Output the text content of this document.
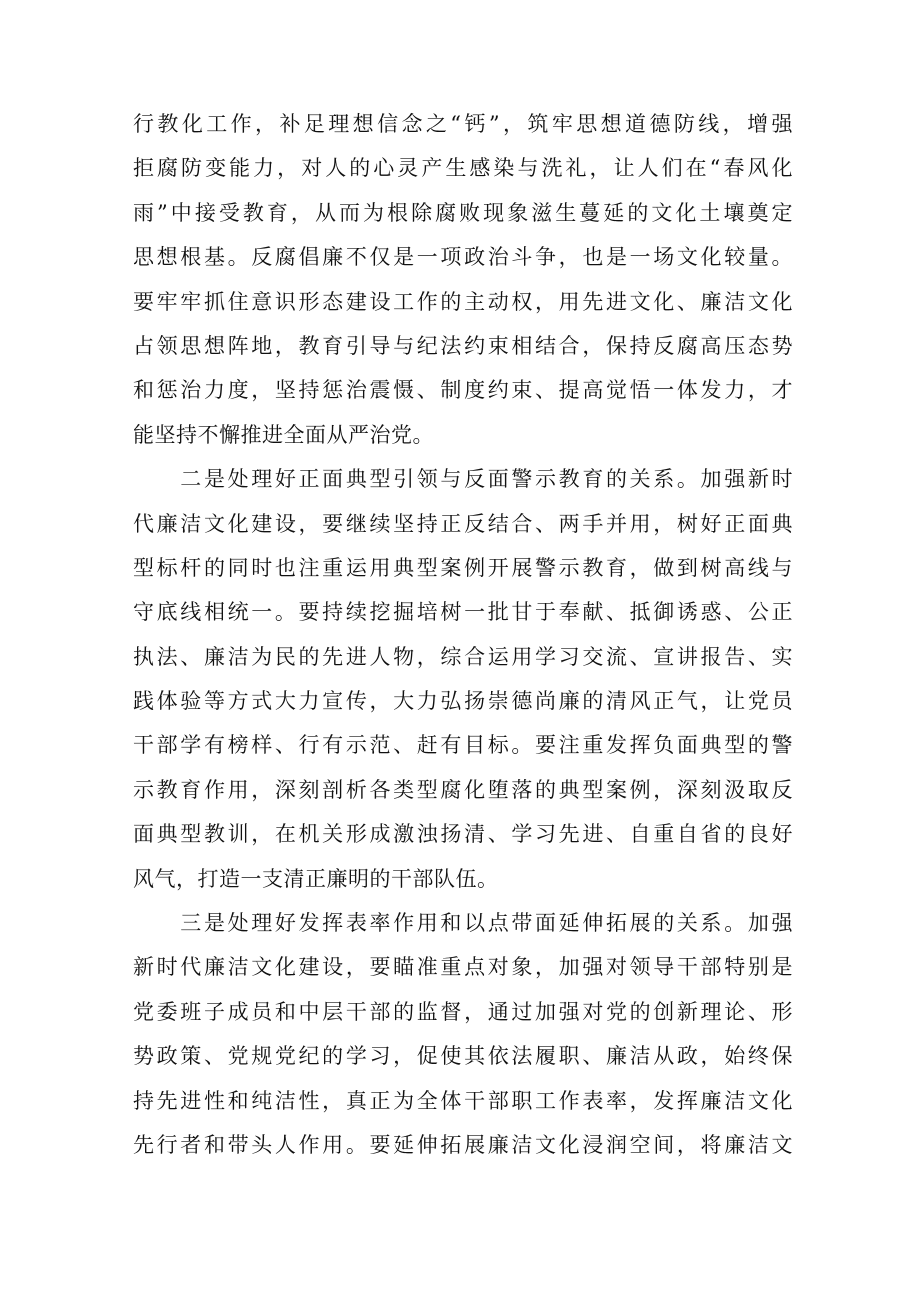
行教化工作，补足理想信念之“钙”，筑牢思想道德防线，增强
拒腐防变能力，对人的心灵产生感染与洗礼，让人们在“春风化
雨”中接受教育，从而为根除腐败现象滋生蔓延的文化土壤奠定
思想根基。反腐倡廉不仅是一项政治斗争，也是一场文化较量。
要牢牢抓住意识形态建设工作的主动权，用先进文化、廉洁文化
占领思想阵地，教育引导与纪法约束相结合，保持反腐高压态势
和惩治力度，坚持惩治震慑、制度约束、提高觉悟一体发力，才
能坚持不懈推进全面从严治党。
　　二是处理好正面典型引领与反面警示教育的关系。加强新时
代廉洁文化建设，要继续坚持正反结合、两手并用，树好正面典
型标杆的同时也注重运用典型案例开展警示教育，做到树高线与
守底线相统一。要持续挖掘培树一批甘于奉献、抵御诱惑、公正
执法、廉洁为民的先进人物，综合运用学习交流、宣讲报告、实
践体验等方式大力宣传，大力弘扬崇德尚廉的清风正气，让党员
干部学有榜样、行有示范、赶有目标。要注重发挥负面典型的警
示教育作用，深刻剖析各类型腐化堕落的典型案例，深刻汲取反
面典型教训，在机关形成激浊扬清、学习先进、自重自省的良好
风气，打造一支清正廉明的干部队伍。
　　三是处理好发挥表率作用和以点带面延伸拓展的关系。加强
新时代廉洁文化建设，要瞄准重点对象，加强对领导干部特别是
党委班子成员和中层干部的监督，通过加强对党的创新理论、形
势政策、党规党纪的学习，促使其依法履职、廉洁从政，始终保
持先进性和纯洁性，真正为全体干部职工作表率，发挥廉洁文化
先行者和带头人作用。要延伸拓展廉洁文化浸润空间，将廉洁文
